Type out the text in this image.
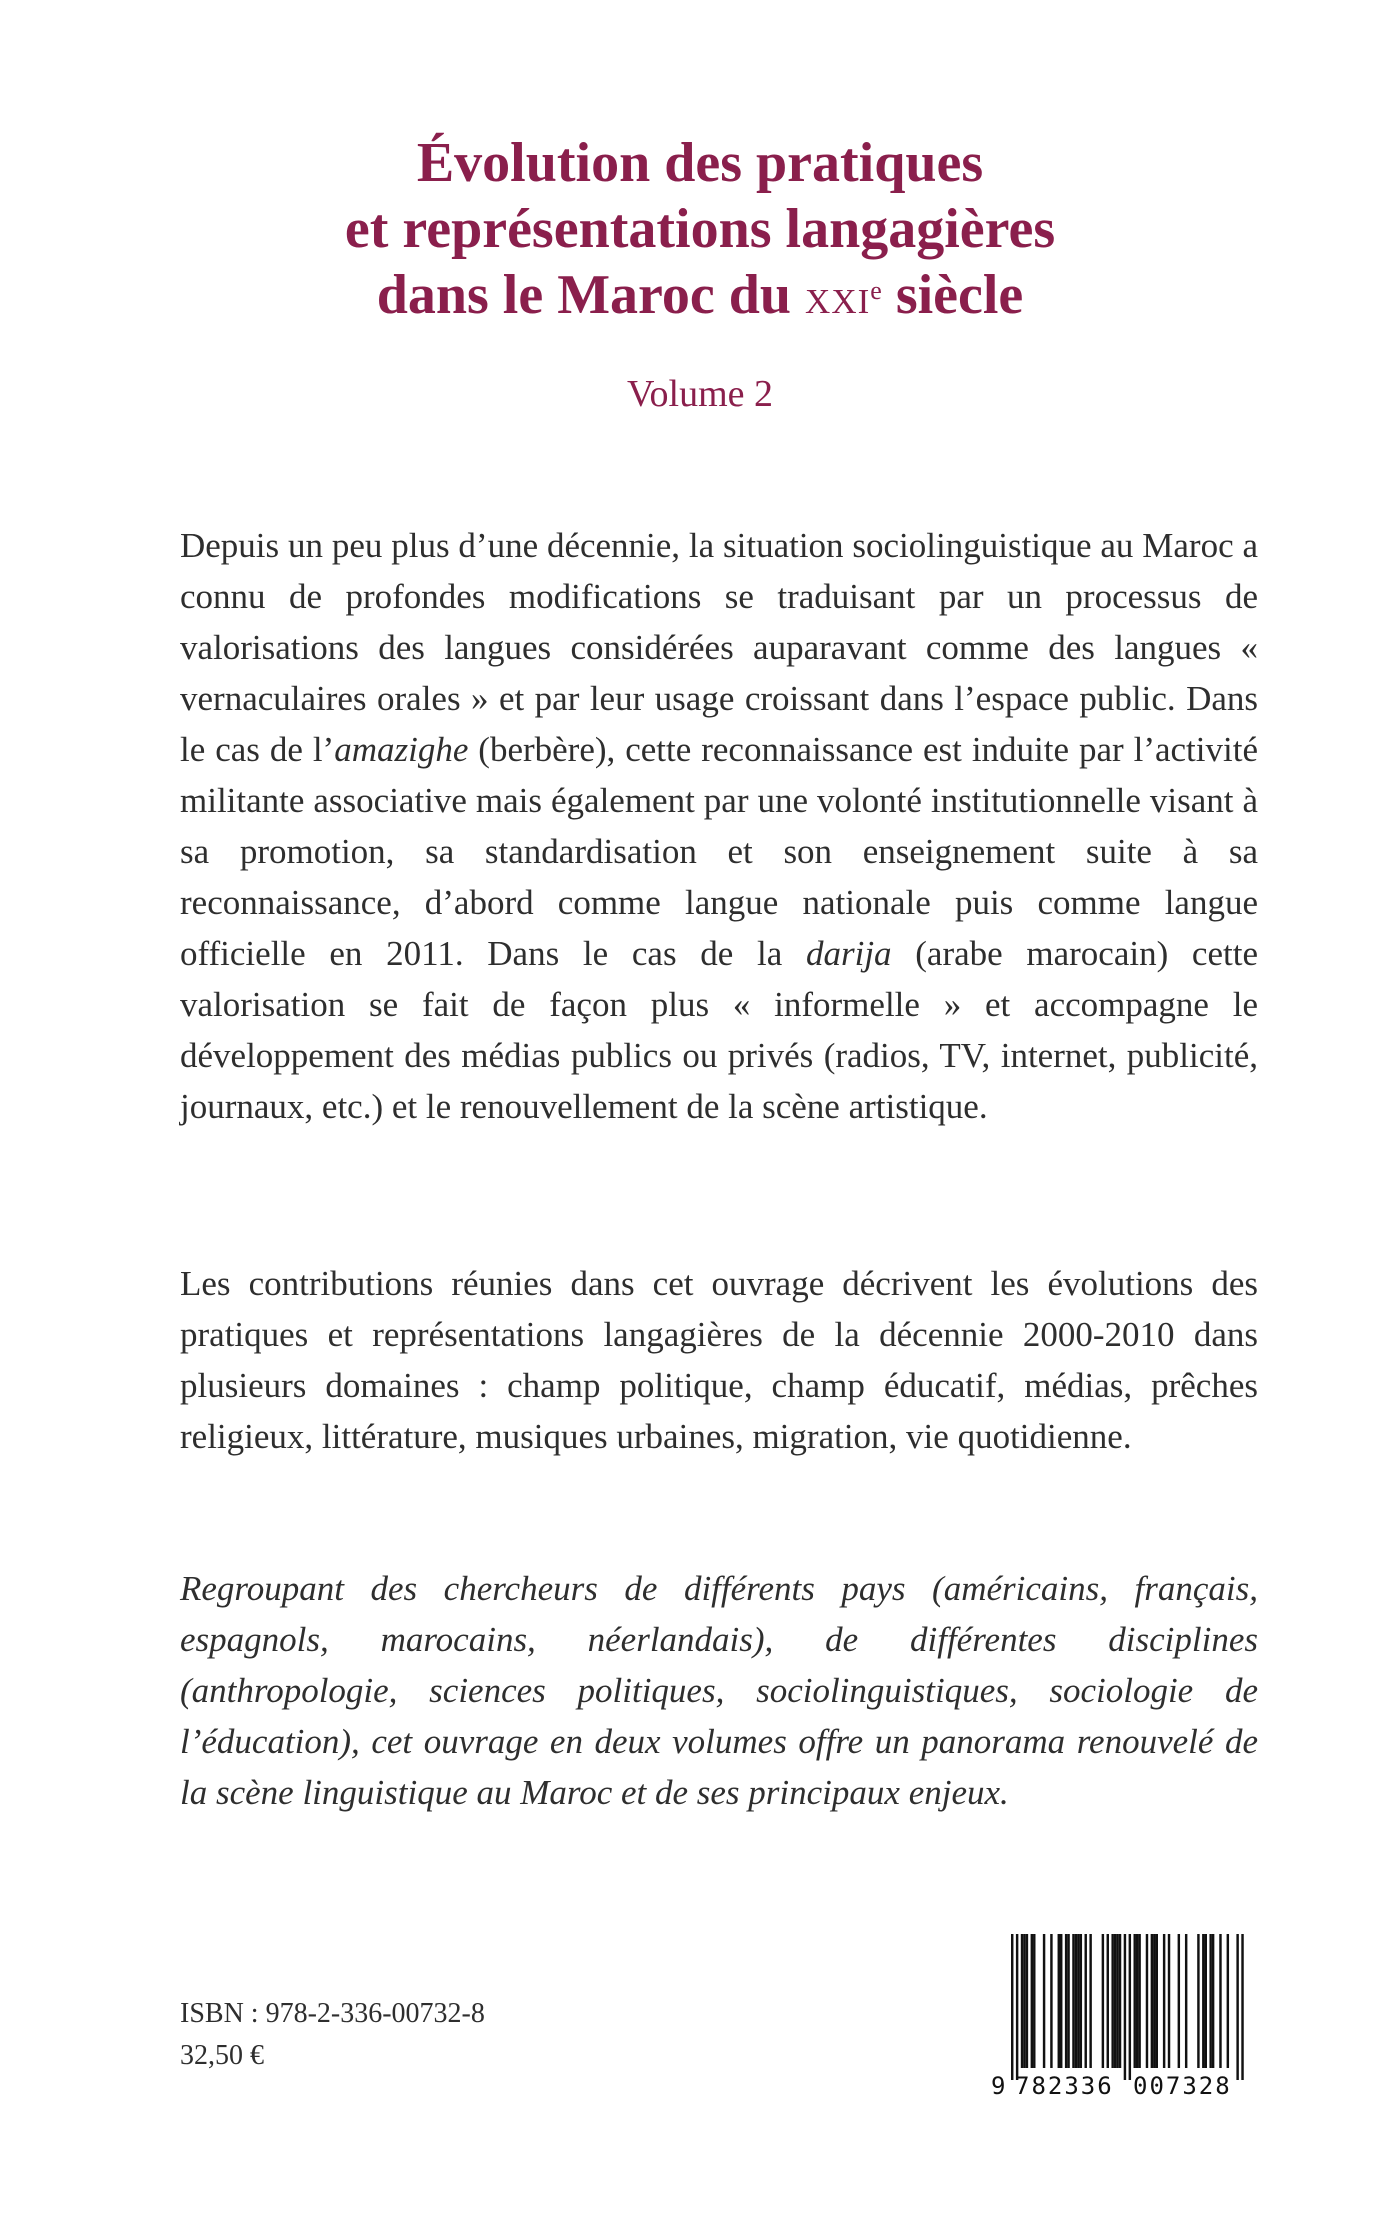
Évolution des pratiques
et représentations langagières
dans le Maroc du xxi$^e$ siècle
Volume 2

Depuis un peu plus d’une décennie, la situation sociolinguistique au Maroc a connu de profondes modifications se traduisant par un processus de valorisations des langues considérées auparavant comme des langues « vernaculaires orales » et par leur usage croissant dans l’espace public. Dans le cas de l’amazighe (berbère), cette reconnaissance est induite par l’activité militante associative mais également par une volonté institutionnelle visant à sa promotion, sa standardisation et son enseignement suite à sa reconnaissance, d’abord comme langue nationale puis comme langue officielle en 2011. Dans le cas de la darija (arabe marocain) cette valorisation se fait de façon plus « informelle » et accompagne le développement des médias publics ou privés (radios, TV, internet, publicité, journaux, etc.) et le renouvellement de la scène artistique.

Les contributions réunies dans cet ouvrage décrivent les évolutions des pratiques et représentations langagières de la décennie 2000-2010 dans plusieurs domaines : champ politique, champ éducatif, médias, prêches religieux, littérature, musiques urbaines, migration, vie quotidienne.

Regroupant des chercheurs de différents pays (américains, français, espagnols, marocains, néerlandais), de différentes disciplines (anthropologie, sciences politiques, sociolinguistiques, sociologie de l’éducation), cet ouvrage en deux volumes offre un panorama renouvelé de la scène linguistique au Maroc et de ses principaux enjeux.

ISBN : 978-2-336-00732-8
32,50 €
9 782336 007328
